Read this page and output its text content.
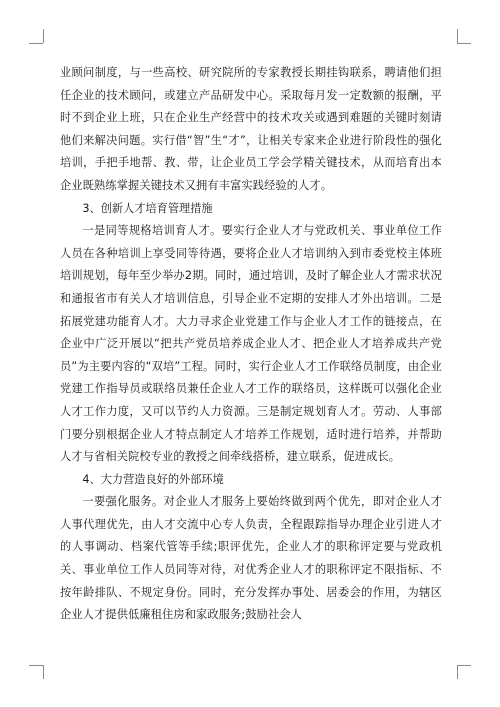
业顾问制度，与一些高校、研究院所的专家教授长期挂钩联系，聘请他们担任企业的技术顾问，或建立产品研发中心。采取每月发一定数额的报酬，平时不到企业上班，只在企业生产经营中的技术攻关或遇到难题的关键时刻请他们来解决问题。实行借“智”生“才”，让相关专家来企业进行阶段性的强化培训，手把手地帮、教、带，让企业员工学会学精关键技术，从而培育出本企业既熟练掌握关键技术又拥有丰富实践经验的人才。

3、创新人才培育管理措施

一是同等规格培训育人才。要实行企业人才与党政机关、事业单位工作人员在各种培训上享受同等待遇，要将企业人才培训纳入到市委党校主体班培训规划，每年至少举办2期。同时，通过培训，及时了解企业人才需求状况和通报省市有关人才培训信息，引导企业不定期的安排人才外出培训。二是拓展党建功能育人才。大力寻求企业党建工作与企业人才工作的链接点，在企业中广泛开展以“把共产党员培养成企业人才、把企业人才培养成共产党员”为主要内容的“双培”工程。同时，实行企业人才工作联络员制度，由企业党建工作指导员或联络员兼任企业人才工作的联络员，这样既可以强化企业人才工作力度，又可以节约人力资源。三是制定规划育人才。劳动、人事部门要分别根据企业人才特点制定人才培养工作规划，适时进行培养，并帮助人才与省相关院校专业的教授之间牵线搭桥，建立联系，促进成长。

4、大力营造良好的外部环境

一要强化服务。对企业人才服务上要始终做到两个优先，即对企业人才人事代理优先，由人才交流中心专人负责，全程跟踪指导办理企业引进人才的人事调动、档案代管等手续;职评优先，企业人才的职称评定要与党政机关、事业单位工作人员同等对待，对优秀企业人才的职称评定不限指标、不按年龄排队、不规定身份。同时，充分发挥办事处、居委会的作用，为辖区企业人才提供低廉租住房和家政服务;鼓励社会人
